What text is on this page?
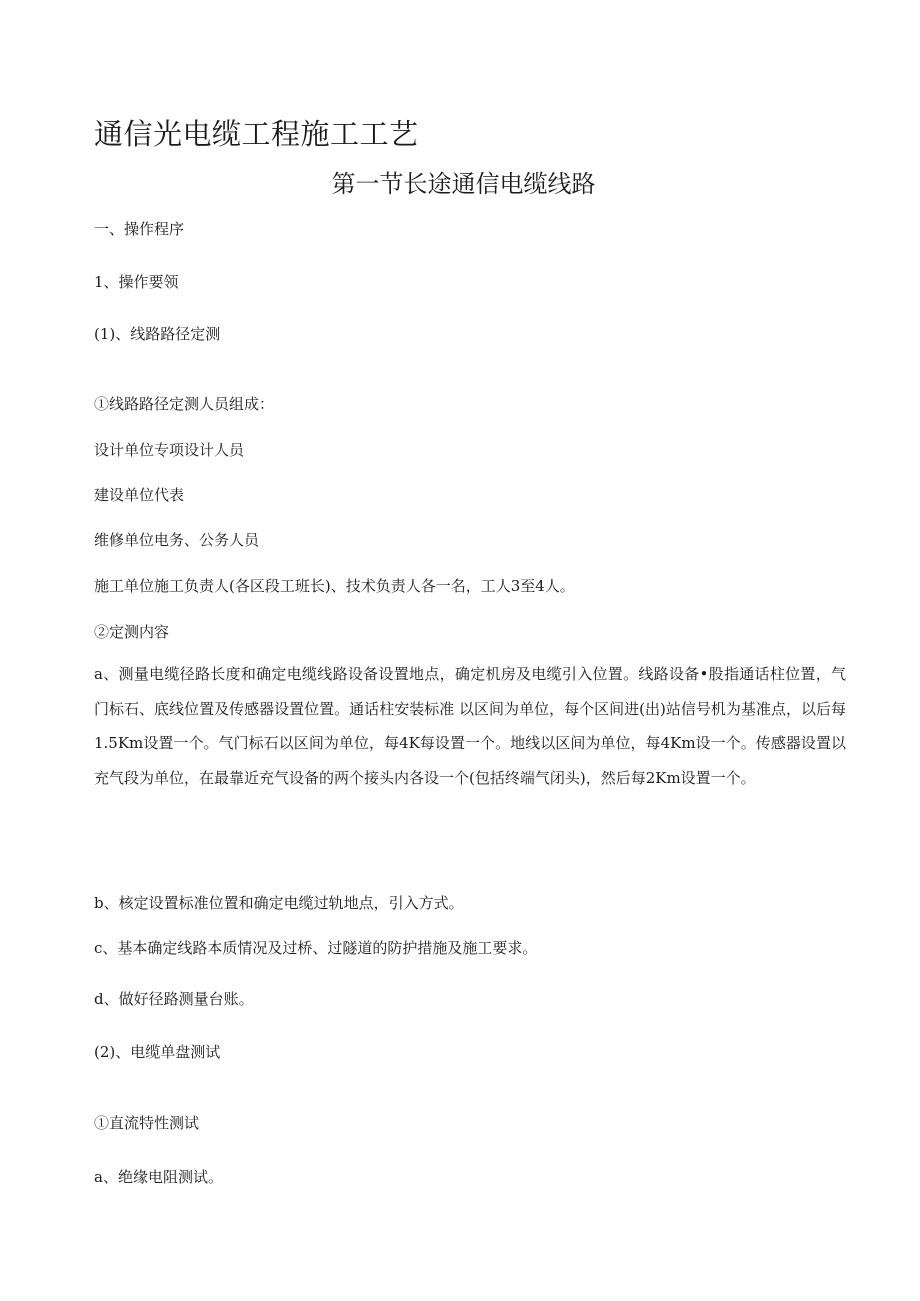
通信光电缆工程施工工艺
第一节长途通信电缆线路

一、操作程序

1、操作要领

(1)、线路路径定测

①线路路径定测人员组成：

设计单位专项设计人员

建设单位代表

维修单位电务、公务人员

施工单位施工负责人(各区段工班长)、技术负责人各一名，工人3至4人。

②定测内容

a、测量电缆径路长度和确定电缆线路设备设置地点，确定机房及电缆引入位置。线路设备•股指通话柱位置，气门标石、底线位置及传感器设置位置。通话柱安装标准 以区间为单位，每个区间进(出)站信号机为基准点，以后每1.5Km设置一个。气门标石以区间为单位，每4K每设置一个。地线以区间为单位，每4Km设一个。传感器设置以充气段为单位，在最靠近充气设备的两个接头内各设一个(包括终端气闭头)，然后每2Km设置一个。

b、核定设置标准位置和确定电缆过轨地点，引入方式。

c、基本确定线路本质情况及过桥、过隧道的防护措施及施工要求。

d、做好径路测量台账。

(2)、电缆单盘测试

①直流特性测试

a、绝缘电阻测试。
